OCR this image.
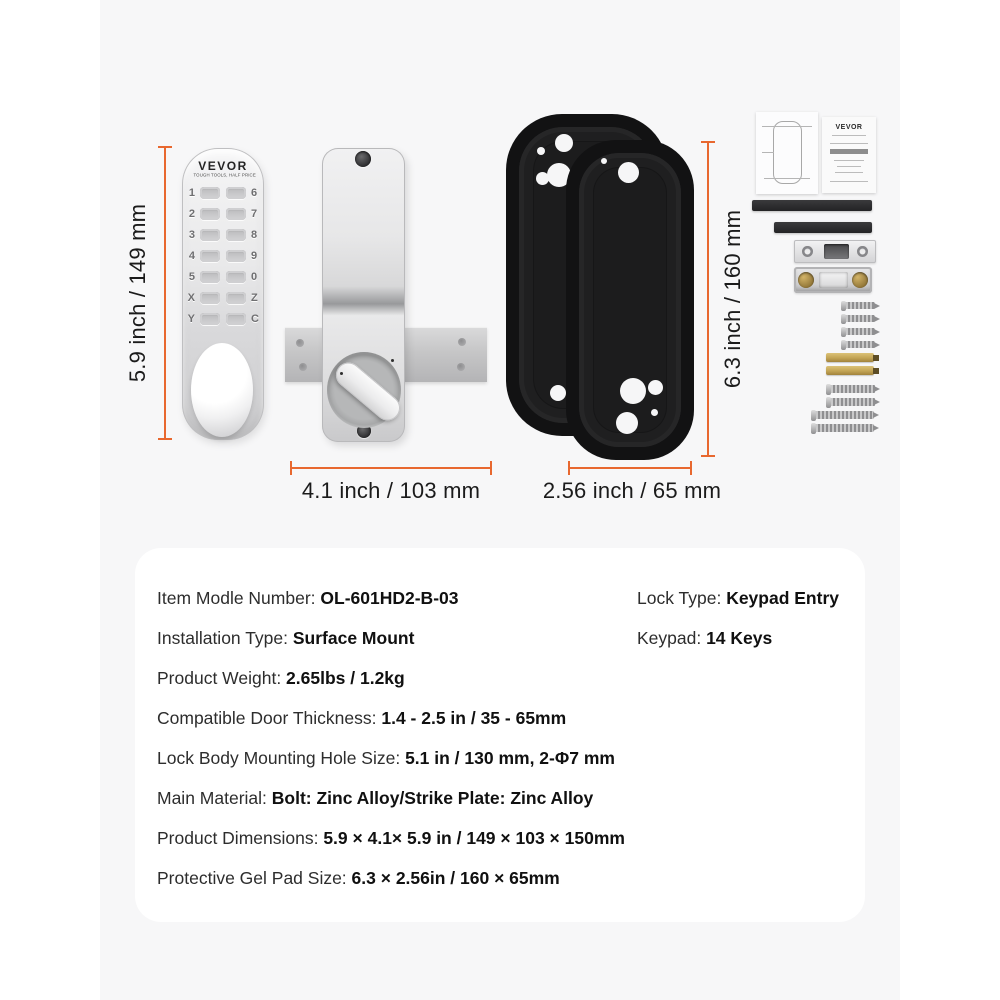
5.9 inch / 149 mm
VEVOR
TOUGH TOOLS, HALF PRICE
1	6
2	7
3	8
4	9
5	0
X	Z
Y	C
4.1 inch / 103 mm
6.3 inch / 160 mm
2.56 inch / 65 mm
VEVOR
Item Modle Number: OL-601HD2-B-03
Installation Type: Surface Mount
Product Weight: 2.65lbs / 1.2kg
Compatible Door Thickness: 1.4 - 2.5 in / 35 - 65mm
Lock Body Mounting Hole Size: 5.1 in / 130 mm, 2-Φ7 mm
Main Material: Bolt: Zinc Alloy/Strike Plate: Zinc Alloy
Product Dimensions: 5.9 × 4.1× 5.9 in / 149 × 103 × 150mm
Protective Gel Pad Size: 6.3 × 2.56in / 160 × 65mm
Lock Type: Keypad Entry
Keypad: 14 Keys
